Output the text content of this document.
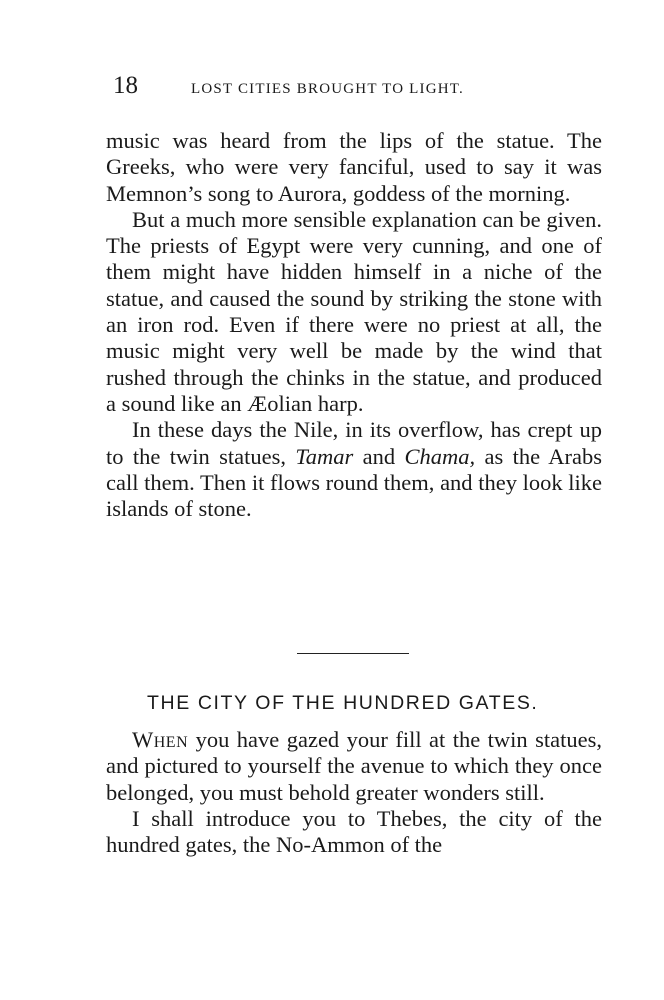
18	LOST CITIES BROUGHT TO LIGHT.

music was heard from the lips of the statue. The Greeks, who were very fanciful, used to say it was Memnon’s song to Aurora, goddess of the morning.

But a much more sensible explanation can be given. The priests of Egypt were very cunning, and one of them might have hidden himself in a niche of the statue, and caused the sound by striking the stone with an iron rod. Even if there were no priest at all, the music might very well be made by the wind that rushed through the chinks in the statue, and produced a sound like an Æolian harp.

In these days the Nile, in its overflow, has crept up to the twin statues, Tamar and Chama, as the Arabs call them. Then it flows round them, and they look like islands of stone.

THE CITY OF THE HUNDRED GATES.

When you have gazed your fill at the twin statues, and pictured to yourself the avenue to which they once belonged, you must behold greater wonders still.

I shall introduce you to Thebes, the city of the hundred gates, the No-Ammon of the
